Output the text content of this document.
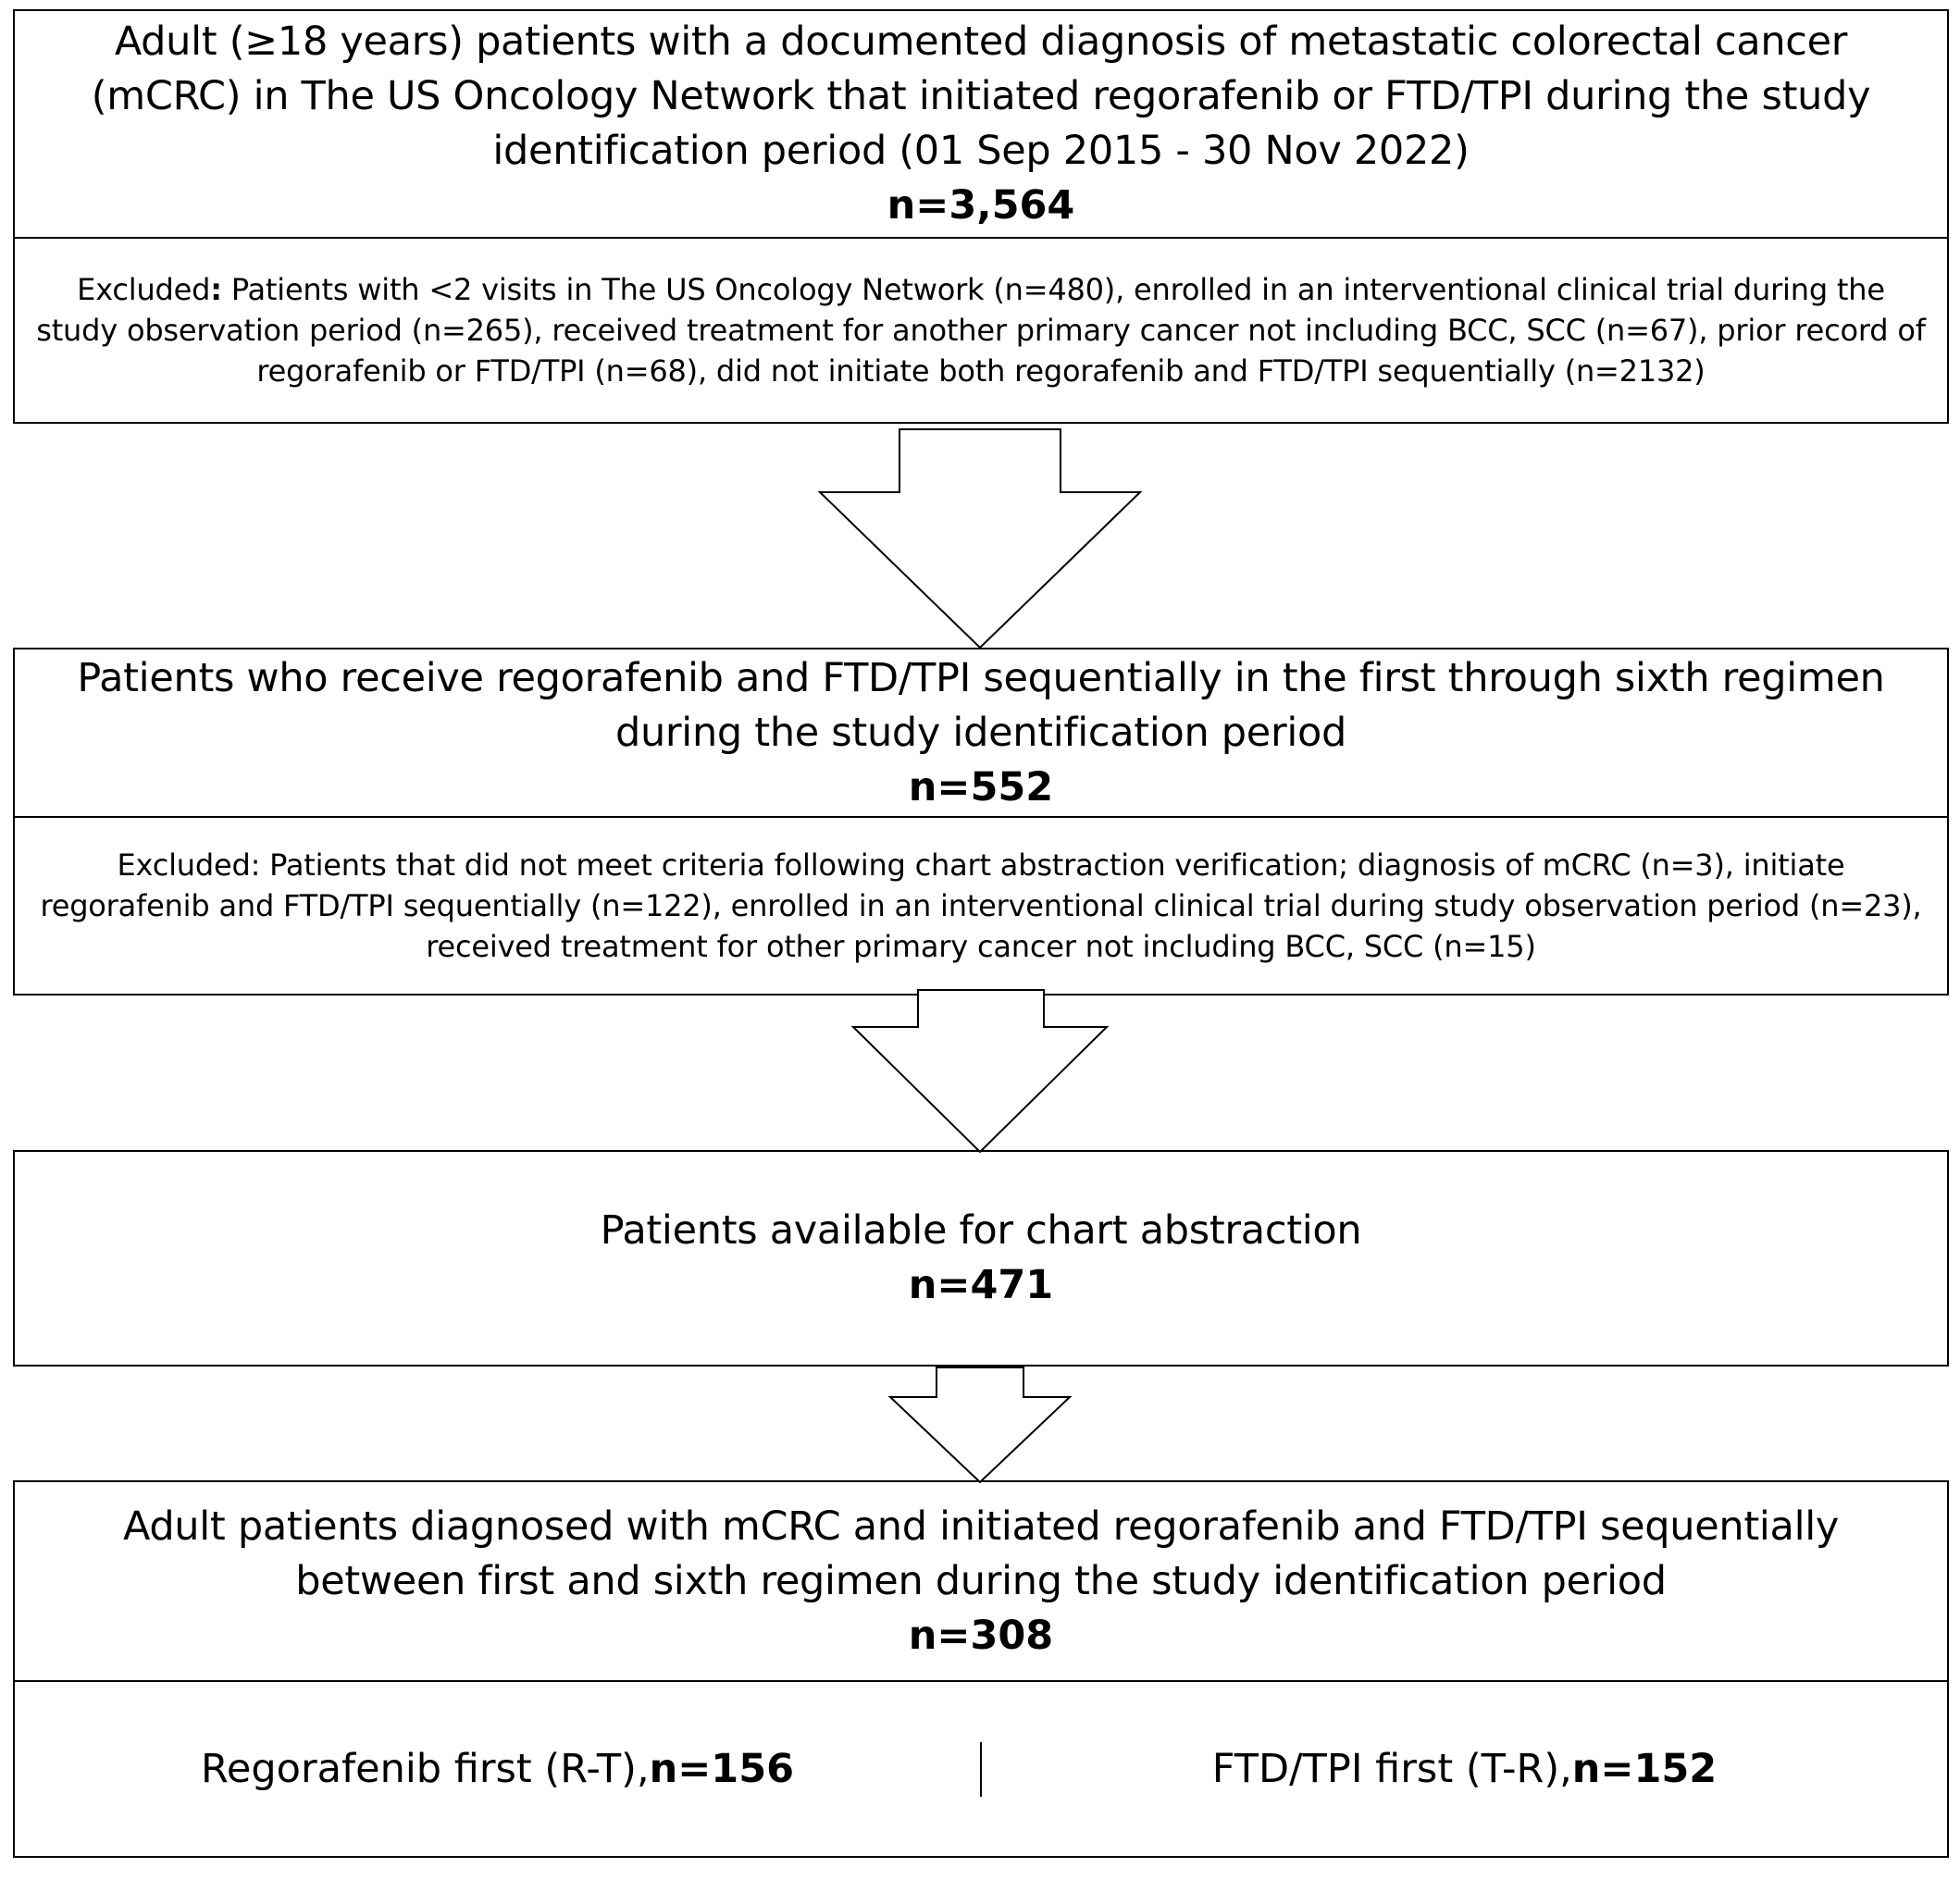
Adult (≥18 years) patients with a documented diagnosis of metastatic colorectal cancer (mCRC) in The US Oncology Network that initiated regorafenib or FTD/TPI during the study identification period (01 Sep 2015 - 30 Nov 2022)
n=3,564
Excluded: Patients with <2 visits in The US Oncology Network (n=480), enrolled in an interventional clinical trial during the study observation period (n=265), received treatment for another primary cancer not including BCC, SCC (n=67), prior record of regorafenib or FTD/TPI (n=68), did not initiate both regorafenib and FTD/TPI sequentially (n=2132)
Patients who receive regorafenib and FTD/TPI sequentially in the first through sixth regimen during the study identification period
n=552
Excluded: Patients that did not meet criteria following chart abstraction verification; diagnosis of mCRC (n=3), initiate regorafenib and FTD/TPI sequentially (n=122), enrolled in an interventional clinical trial during study observation period (n=23), received treatment for other primary cancer not including BCC, SCC (n=15)
Patients available for chart abstraction
n=471
Adult patients diagnosed with mCRC and initiated regorafenib and FTD/TPI sequentially between first and sixth regimen during the study identification period
n=308
Regorafenib first (R-T), n=156	FTD/TPI first (T-R), n=152
